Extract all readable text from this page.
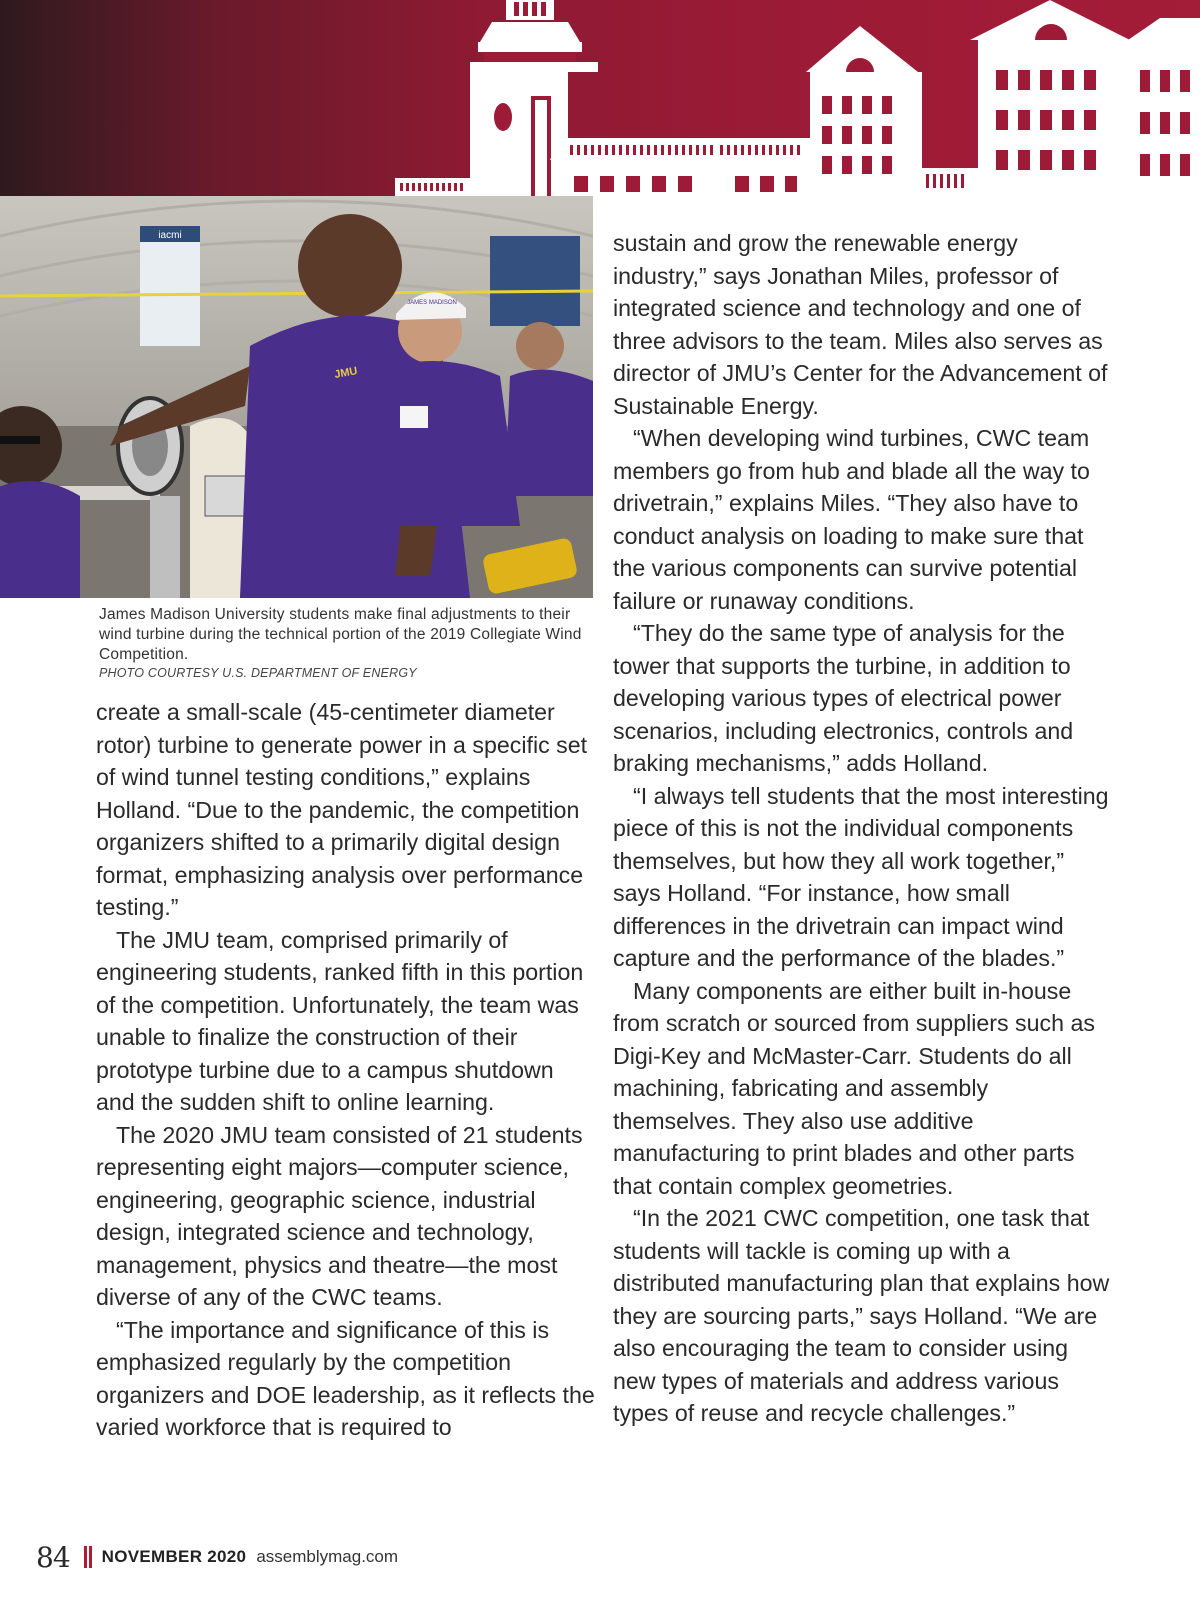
iacmi
JMU
JAMES MADISON
James Madison University students make final adjustments to their wind turbine during the technical portion of the 2019 Collegiate Wind Competition.
PHOTO COURTESY U.S. DEPARTMENT OF ENERGY

create a small-scale (45-centimeter diameter rotor) turbine to generate power in a specific set of wind tunnel testing conditions,” explains Holland. “Due to the pandemic, the competition organizers shifted to a primarily digital design format, emphasizing analysis over performance testing.”

The JMU team, comprised primarily of engineering students, ranked fifth in this portion of the competition. Unfortunately, the team was unable to finalize the construction of their prototype turbine due to a campus shutdown and the sudden shift to online learning.

The 2020 JMU team consisted of 21 students representing eight majors—computer science, engineering, geographic science, industrial design, integrated science and technology, management, physics and theatre—the most diverse of any of the CWC teams.

“The importance and significance of this is emphasized regularly by the competition organizers and DOE leadership, as it reflects the varied workforce that is required to

sustain and grow the renewable energy industry,” says Jonathan Miles, professor of integrated science and technology and one of three advisors to the team. Miles also serves as director of JMU’s Center for the Advancement of Sustainable Energy.

“When developing wind turbines, CWC team members go from hub and blade all the way to drivetrain,” explains Miles. “They also have to conduct analysis on loading to make sure that the various components can survive potential failure or runaway conditions.

“They do the same type of analysis for the tower that supports the turbine, in addition to developing various types of electrical power scenarios, including electronics, controls and braking mechanisms,” adds Holland.

“I always tell students that the most interesting piece of this is not the individual components themselves, but how they all work together,” says Holland. “For instance, how small differences in the drivetrain can impact wind capture and the performance of the blades.”

Many components are either built in-house from scratch or sourced from suppliers such as Digi-Key and McMaster-Carr. Students do all machining, fabricating and assembly themselves. They also use additive manufacturing to print blades and other parts that contain complex geometries.

“In the 2021 CWC competition, one task that students will tackle is coming up with a distributed manufacturing plan that explains how they are sourcing parts,” says Holland. “We are also encouraging the team to consider using new types of materials and address various types of reuse and recycle challenges.”

84 NOVEMBER 2020 assemblymag.com
